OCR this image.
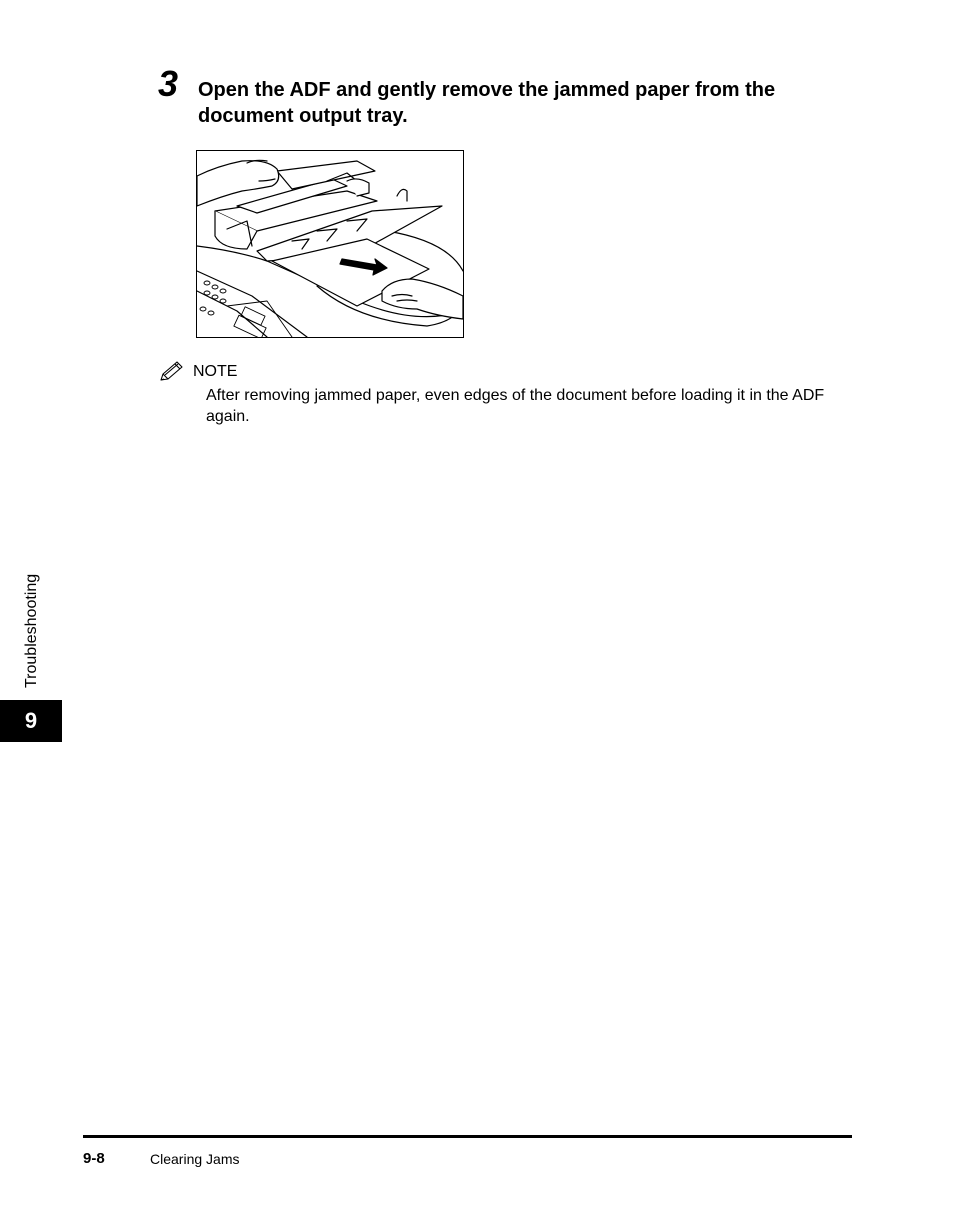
3 Open the ADF and gently remove the jammed paper from the document output tray.
NOTE
After removing jammed paper, even edges of the document before loading it in the ADF again.
Troubleshooting
9
9-8	Clearing Jams
